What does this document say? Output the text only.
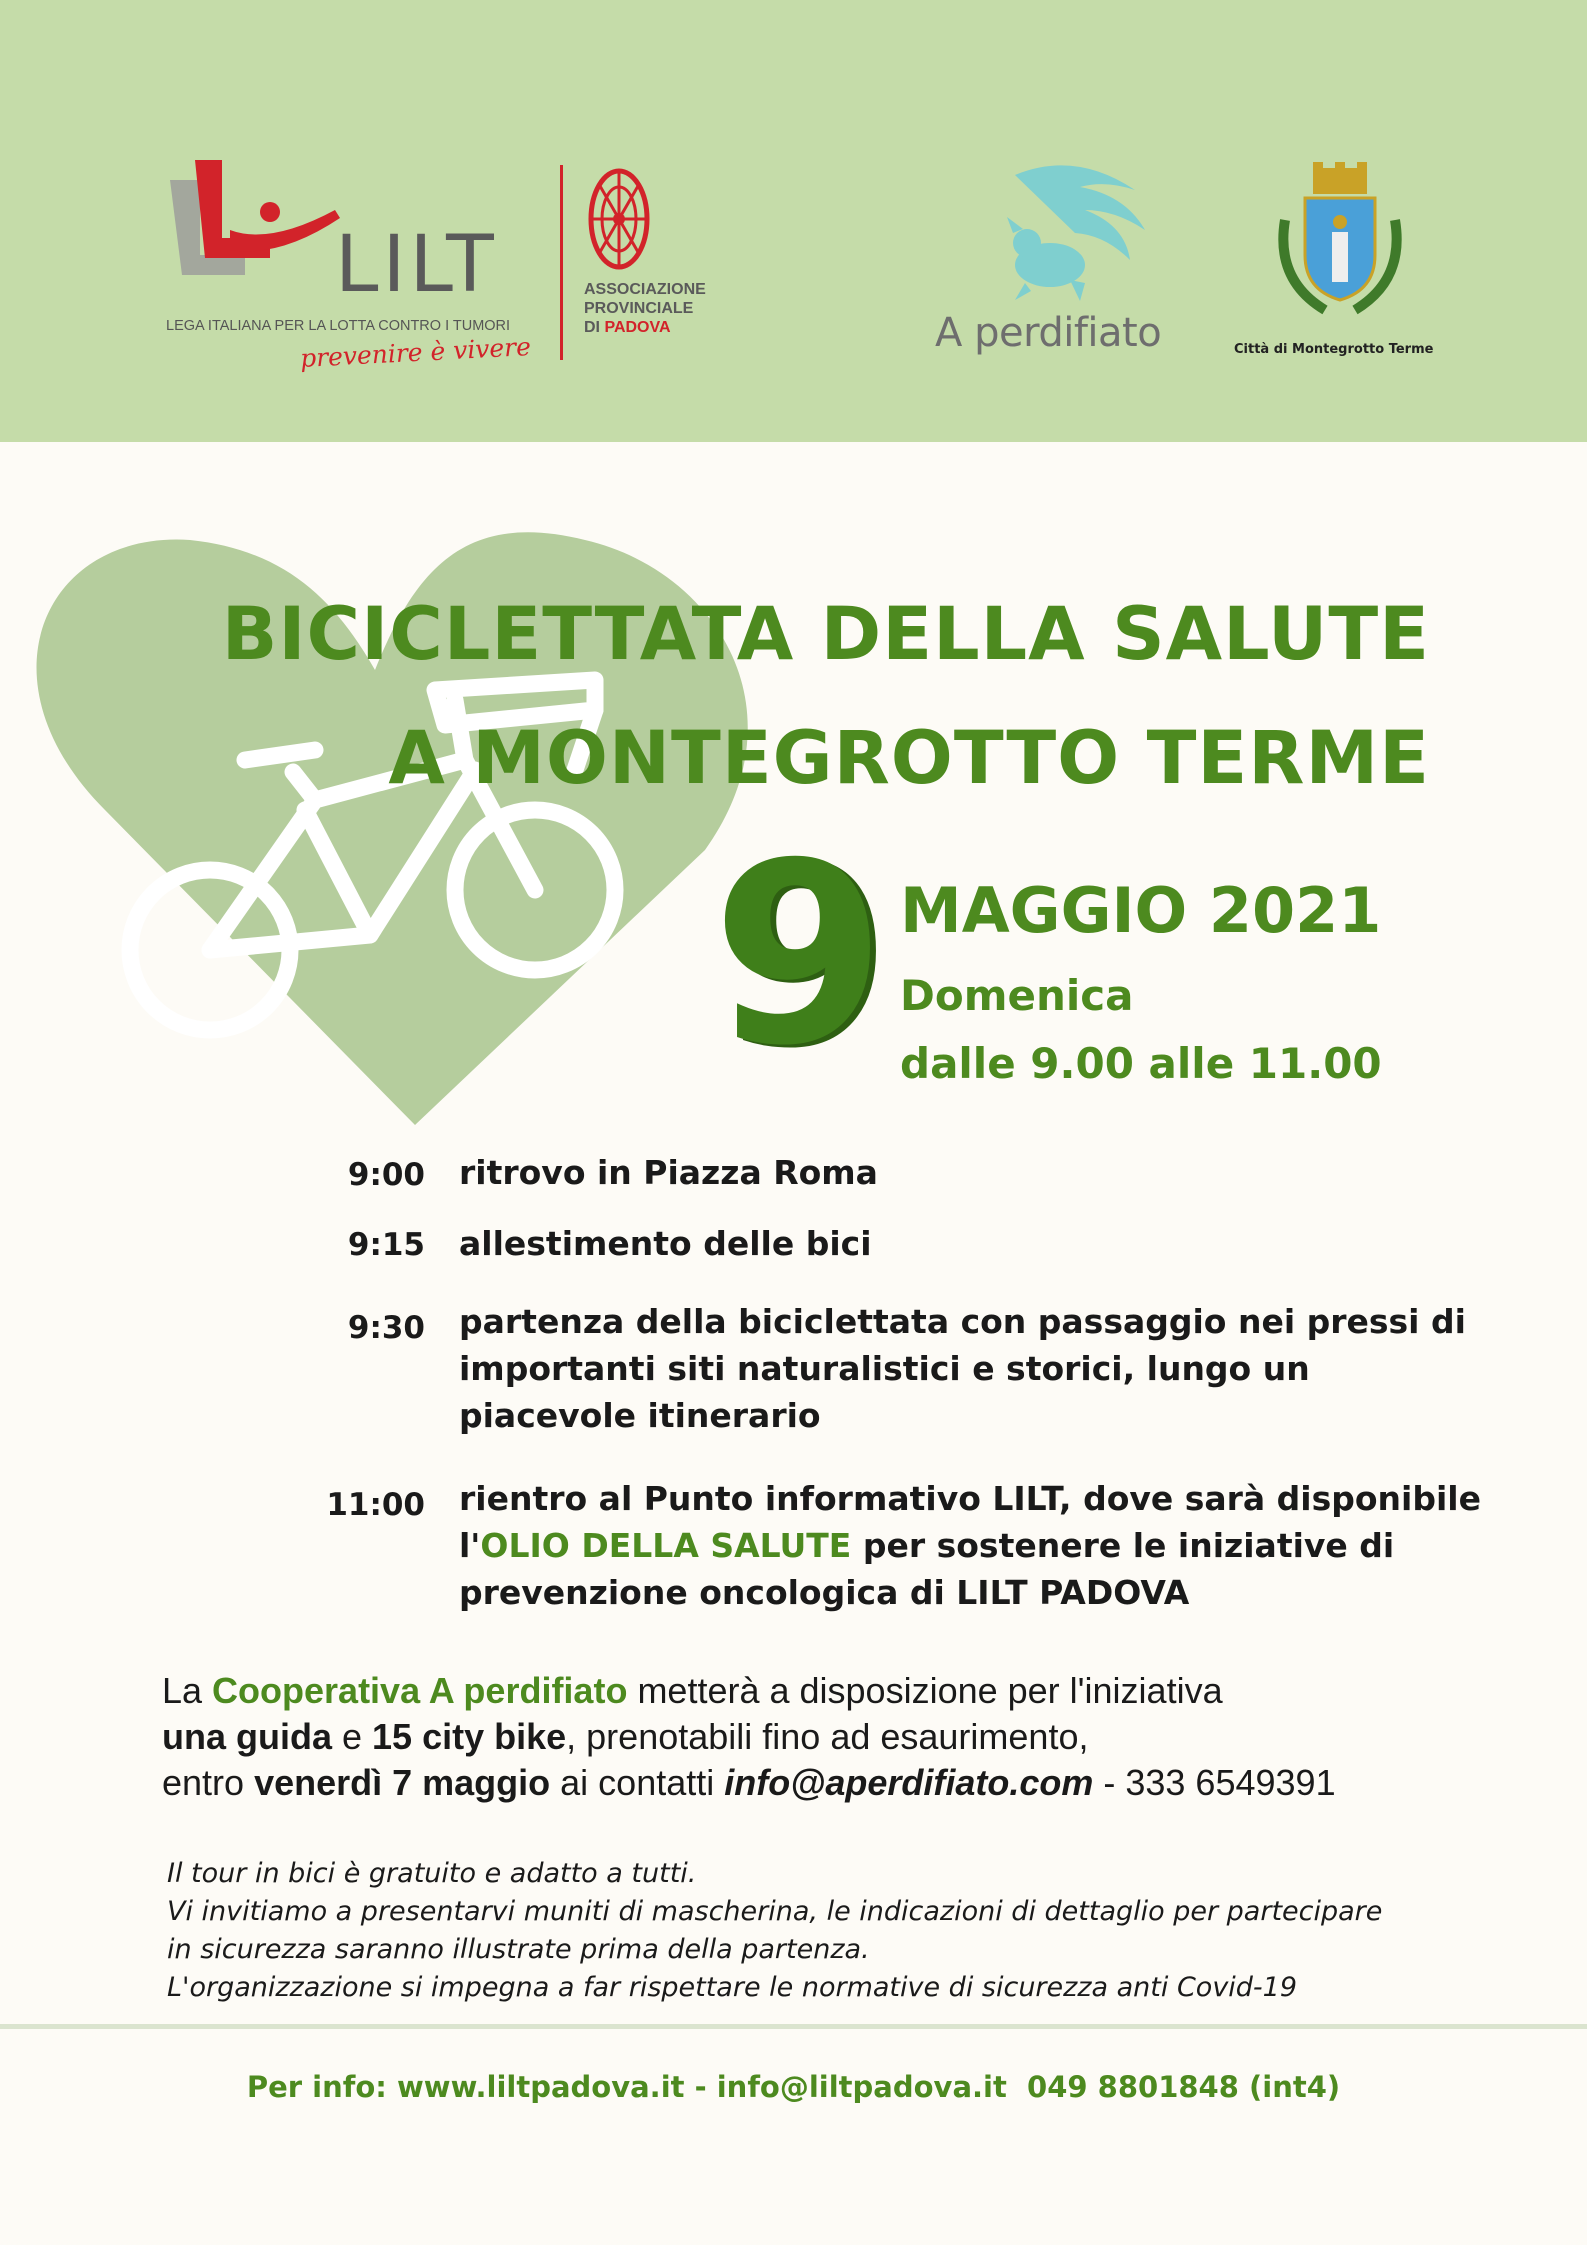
LILT
LEGA ITALIANA PER LA LOTTA CONTRO I TUMORI
prevenire è vivere
ASSOCIAZIONE
PROVINCIALE
DI PADOVA	A perdifiato	Città di Montegrotto Terme
BICICLETTATA DELLA SALUTE
A MONTEGROTTO TERME
9 MAGGIO 2021
Domenica
dalle 9.00 alle 11.00
9:00 ritrovo in Piazza Roma
9:15 allestimento delle bici
9:30 partenza della biciclettata con passaggio nei pressi di importanti siti naturalistici e storici, lungo un piacevole itinerario
11:00 rientro al Punto informativo LILT, dove sarà disponibile l'OLIO DELLA SALUTE per sostenere le iniziative di prevenzione oncologica di LILT PADOVA
La Cooperativa A perdifiato metterà a disposizione per l'iniziativa
una guida e 15 city bike, prenotabili fino ad esaurimento,
entro venerdì 7 maggio ai contatti info@aperdifiato.com - 333 6549391
Il tour in bici è gratuito e adatto a tutti.
Vi invitiamo a presentarvi muniti di mascherina, le indicazioni di dettaglio per partecipare
in sicurezza saranno illustrate prima della partenza.
L'organizzazione si impegna a far rispettare le normative di sicurezza anti Covid-19
Per info: www.liltpadova.it - info@liltpadova.it  049 8801848 (int4)
